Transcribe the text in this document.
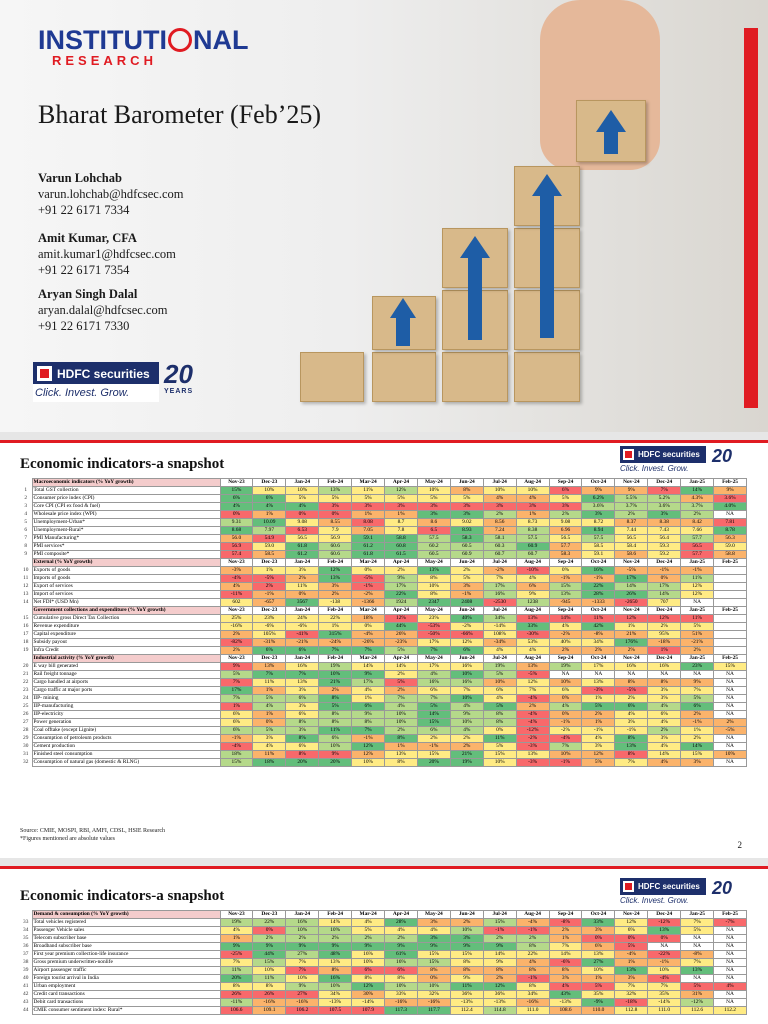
INSTITUTI NAL
RESEARCH
Bharat Barometer (Feb’25)
Varun Lohchab
varun.lohchab@hdfcsec.com
+91 22 6171 7334
Amit Kumar, CFA
amit.kumar1@hdfcsec.com
+91 22 6171 7354
Aryan Singh Dalal
aryan.dalal@hdfcsec.com
+91 22 6171 7330
HDFC securities
Click. Invest. Grow.
20
YEARS
Economic indicators-a snapshot
HDFC securities
Click. Invest. Grow.
20
	Macroeconomic indicators (% YoY growth)	Nov-23	Dec-23	Jan-24	Feb-24	Mar-24	Apr-24	May-24	Jun-24	Jul-24	Aug-24	Sep-24	Oct-24	Nov-24	Dec-24	Jan-25	Feb-25
1	Total GST collection	15%	10%	10%	13%	11%	12%	10%	8%	10%	10%	6%	9%	9%	7%	14%	9%
2	Consumer price index (CPI)	6%	6%	5%	5%	5%	5%	5%	5%	4%	4%	5%	6.2%	5.5%	5.2%	4.3%	3.6%
3	Core CPI (CPI ex food & fuel)	4%	4%	4%	3%	3%	3%	3%	3%	3%	3%	3%	3.6%	3.7%	3.6%	3.7%	4.0%
4	Wholesale price index (WPI)	0%	1%	0%	0%	1%	1%	3%	3%	2%	1%	2%	3%	2%	3%	2%	NA
5	Unemployment-Urban*	9.31	10.09	9.08	8.55	8.08	8.7	8.6	9.02	8.56	8.73	9.08	8.72	8.37	8.38	8.42	7.81
6	Unemployment-Rural*	8.68	7.97	6.53	7.9	7.05	7.8	6.5	8.93	7.24	8.38	6.96	8.94	7.44	7.43	7.66	8.78
7	PMI Manufacturing*	56.0	54.9	56.5	56.9	59.1	58.8	57.5	58.3	58.1	57.5	56.5	57.5	56.5	56.4	57.7	56.3
8	PMI services*	56.9	59.0	61.8	60.6	61.2	60.8	60.2	60.5	60.3	60.9	57.7	58.5	58.4	59.3	56.5	59.0
9	PMI composite*	57.4	58.5	61.2	60.6	61.8	61.5	60.5	60.9	60.7	60.7	58.3	59.1	58.6	59.2	57.7	58.8
	External (% YoY growth)	Nov-23	Dec-23	Jan-24	Feb-24	Mar-24	Apr-24	May-24	Jun-24	Jul-24	Aug-24	Sep-24	Oct-24	Nov-24	Dec-24	Jan-25	Feb-25
10	Exports of goods	-3%	1%	3%	12%	0%	2%	13%	2%	-2%	-10%	0%	16%	-5%	-1%	-1%	
11	Imports of goods	-4%	-5%	2%	13%	-5%	9%	8%	5%	7%	4%	-1%	-1%	17%	0%	11%	
12	Export of services	4%	2%	11%	3%	-1%	17%	10%	3%	17%	6%	15%	22%	14%	17%	12%	
13	Import of services	-11%	-1%	0%	2%	-2%	22%	8%	-1%	16%	9%	13%	28%	26%	14%	12%	
14	Net FDI* (USD Mn)	602	-657	3567	-138	-1366	1924	2347	2408	-2530	1238	-945	-1333	-2650	707	NA	
	Government collections and expenditure (% YoY growth)	Nov-23	Dec-23	Jan-24	Feb-24	Mar-24	Apr-24	May-24	Jun-24	Jul-24	Aug-24	Sep-24	Oct-24	Nov-24	Dec-24	Jan-25	Feb-25
15	Cumulative gross Direct Tax Collection	25%	23%	24%	22%	18%	12%	23%	40%	34%	13%	14%	11%	12%	12%	11%	
16	Revenue expenditure	-16%	-6%	-6%	1%	0%	44%	-53%	-2%	-14%	33%	4%	42%	1%	2%	5%	
17	Capital expenditure	2%	105%	-41%	315%	-4%	26%	-50%	-66%	108%	-30%	-2%	-8%	21%	95%	51%	
18	Subsidy payout	-82%	-31%	-21%	-24%	-26%	-23%	17%	12%	-34%	53%	40%	34%	176%	-18%	-21%	
19	Infra Credit	2%	6%	6%	7%	7%	5%	7%	6%	4%	4%	2%	2%	2%	1%	2%	
	Industrial activity (% YoY growth)	Nov-23	Dec-23	Jan-24	Feb-24	Mar-24	Apr-24	May-24	Jun-24	Jul-24	Aug-24	Sep-24	Oct-24	Nov-24	Dec-24	Jan-25	Feb-25
20	E way bill generated	9%	13%	16%	19%	14%	14%	17%	16%	19%	13%	19%	17%	16%	16%	23%	15%
21	Rail freight tonnage	5%	7%	7%	10%	9%	2%	4%	10%	5%	-5%	NA	NA	NA	NA	NA	NA
22	Cargo handled at airports	7%	11%	13%	21%	17%	5%	16%	16%	10%	12%	10%	13%	8%	8%	9%	NA
23	Cargo traffic at major ports	17%	1%	3%	2%	4%	2%	6%	7%	6%	7%	6%	-3%	-5%	3%	7%	NA
24	IIP- mining	7%	5%	6%	8%	1%	7%	7%	10%	4%	-4%	0%	1%	2%	3%	5%	NA
25	IIP-manufacturing	1%	4%	3%	5%	6%	4%	5%	4%	5%	2%	4%	5%	6%	4%	6%	NA
26	IIP-electricity	6%	1%	6%	8%	9%	10%	14%	9%	8%	-4%	0%	2%	4%	6%	2%	NA
27	Power generation	6%	0%	8%	8%	8%	10%	15%	10%	8%	-4%	-1%	1%	3%	4%	-1%	2%
28	Coal offtake (except Lignite)	6%	5%	3%	11%	7%	2%	6%	4%	0%	-12%	-2%	-1%	-1%	2%	1%	-5%
29	Consumption of petroleum products	-1%	3%	8%	6%	-1%	8%	2%	2%	11%	-2%	-4%	4%	8%	3%	2%	NA
30	Cement production	-4%	4%	6%	10%	12%	1%	-1%	2%	5%	-3%	7%	3%	13%	4%	14%	NA
31	Finished steel consumption	18%	11%	8%	9%	12%	13%	15%	21%	15%	13%	10%	12%	8%	14%	15%	10%
32	Consumption of natural gas (domestic & RLNG)	15%	18%	20%	20%	10%	8%	20%	19%	10%	-3%	-1%	5%	7%	4%	3%	NA
Source: CMIE, MOSPI, RBI, AMFI, CDSL, HSIE Research
*Figures mentioned are absolute values
2
Economic indicators-a snapshot
HDFC securities
Click. Invest. Grow.
20
	Demand & consumption (% YoY growth)	Nov-23	Dec-23	Jan-24	Feb-24	Mar-24	Apr-24	May-24	Jun-24	Jul-24	Aug-24	Sep-24	Oct-24	Nov-24	Dec-24	Jan-25	Feb-25
33	Total vehicles registered	19%	22%	16%	14%	4%	28%	3%	2%	15%	-4%	-8%	33%	12%	-12%	7%	-7%
34	Passenger Vehicle sales	4%	0%	10%	10%	5%	4%	4%	10%	-1%	-1%	2%	3%	6%	13%	5%	NA
35	Telecom subscriber base	1%	2%	2%	2%	2%	2%	3%	3%	2%	2%	1%	0%	0%	0%	NA	NA
36	Broadband subscriber base	9%	9%	9%	9%	9%	9%	9%	9%	9%	8%	7%	6%	5%	NA	NA	NA
37	First year premium collection-life insurance	-25%	44%	27%	48%	16%	61%	15%	15%	14%	22%	14%	13%	-4%	-22%	-8%	NA
38	Gross premium underwritten-nonlife	7%	15%	7%	13%	10%	16%	15%	8%	9%	4%	-6%	27%	1%	-1%	7%	NA
39	Airport passenger traffic	11%	10%	7%	8%	6%	6%	8%	8%	8%	8%	8%	10%	13%	10%	13%	NA
40	Foreign tourist arrival in India	20%	11%	10%	16%	8%	8%	0%	9%	2%	-1%	3%	1%	3%	-4%	NA	NA
41	Urban employment	8%	8%	9%	10%	12%	10%	10%	11%	12%	8%	4%	5%	7%	7%	5%	4%
42	Credit card transactions	26%	26%	27%	34%	30%	33%	32%	36%	36%	34%	43%	35%	32%	35%	31%	NA
43	Debit card transactions	-11%	-16%	-16%	-13%	-14%	-16%	-16%	-13%	-13%	-16%	-13%	-9%	-18%	-14%	-12%	NA
44	CMIE consumer sentiment index: Rural*	106.6	109.1	106.2	107.5	107.9	117.3	117.7	112.4	114.8	111.0	108.6	110.0	112.8	111.0	112.6	112.2
